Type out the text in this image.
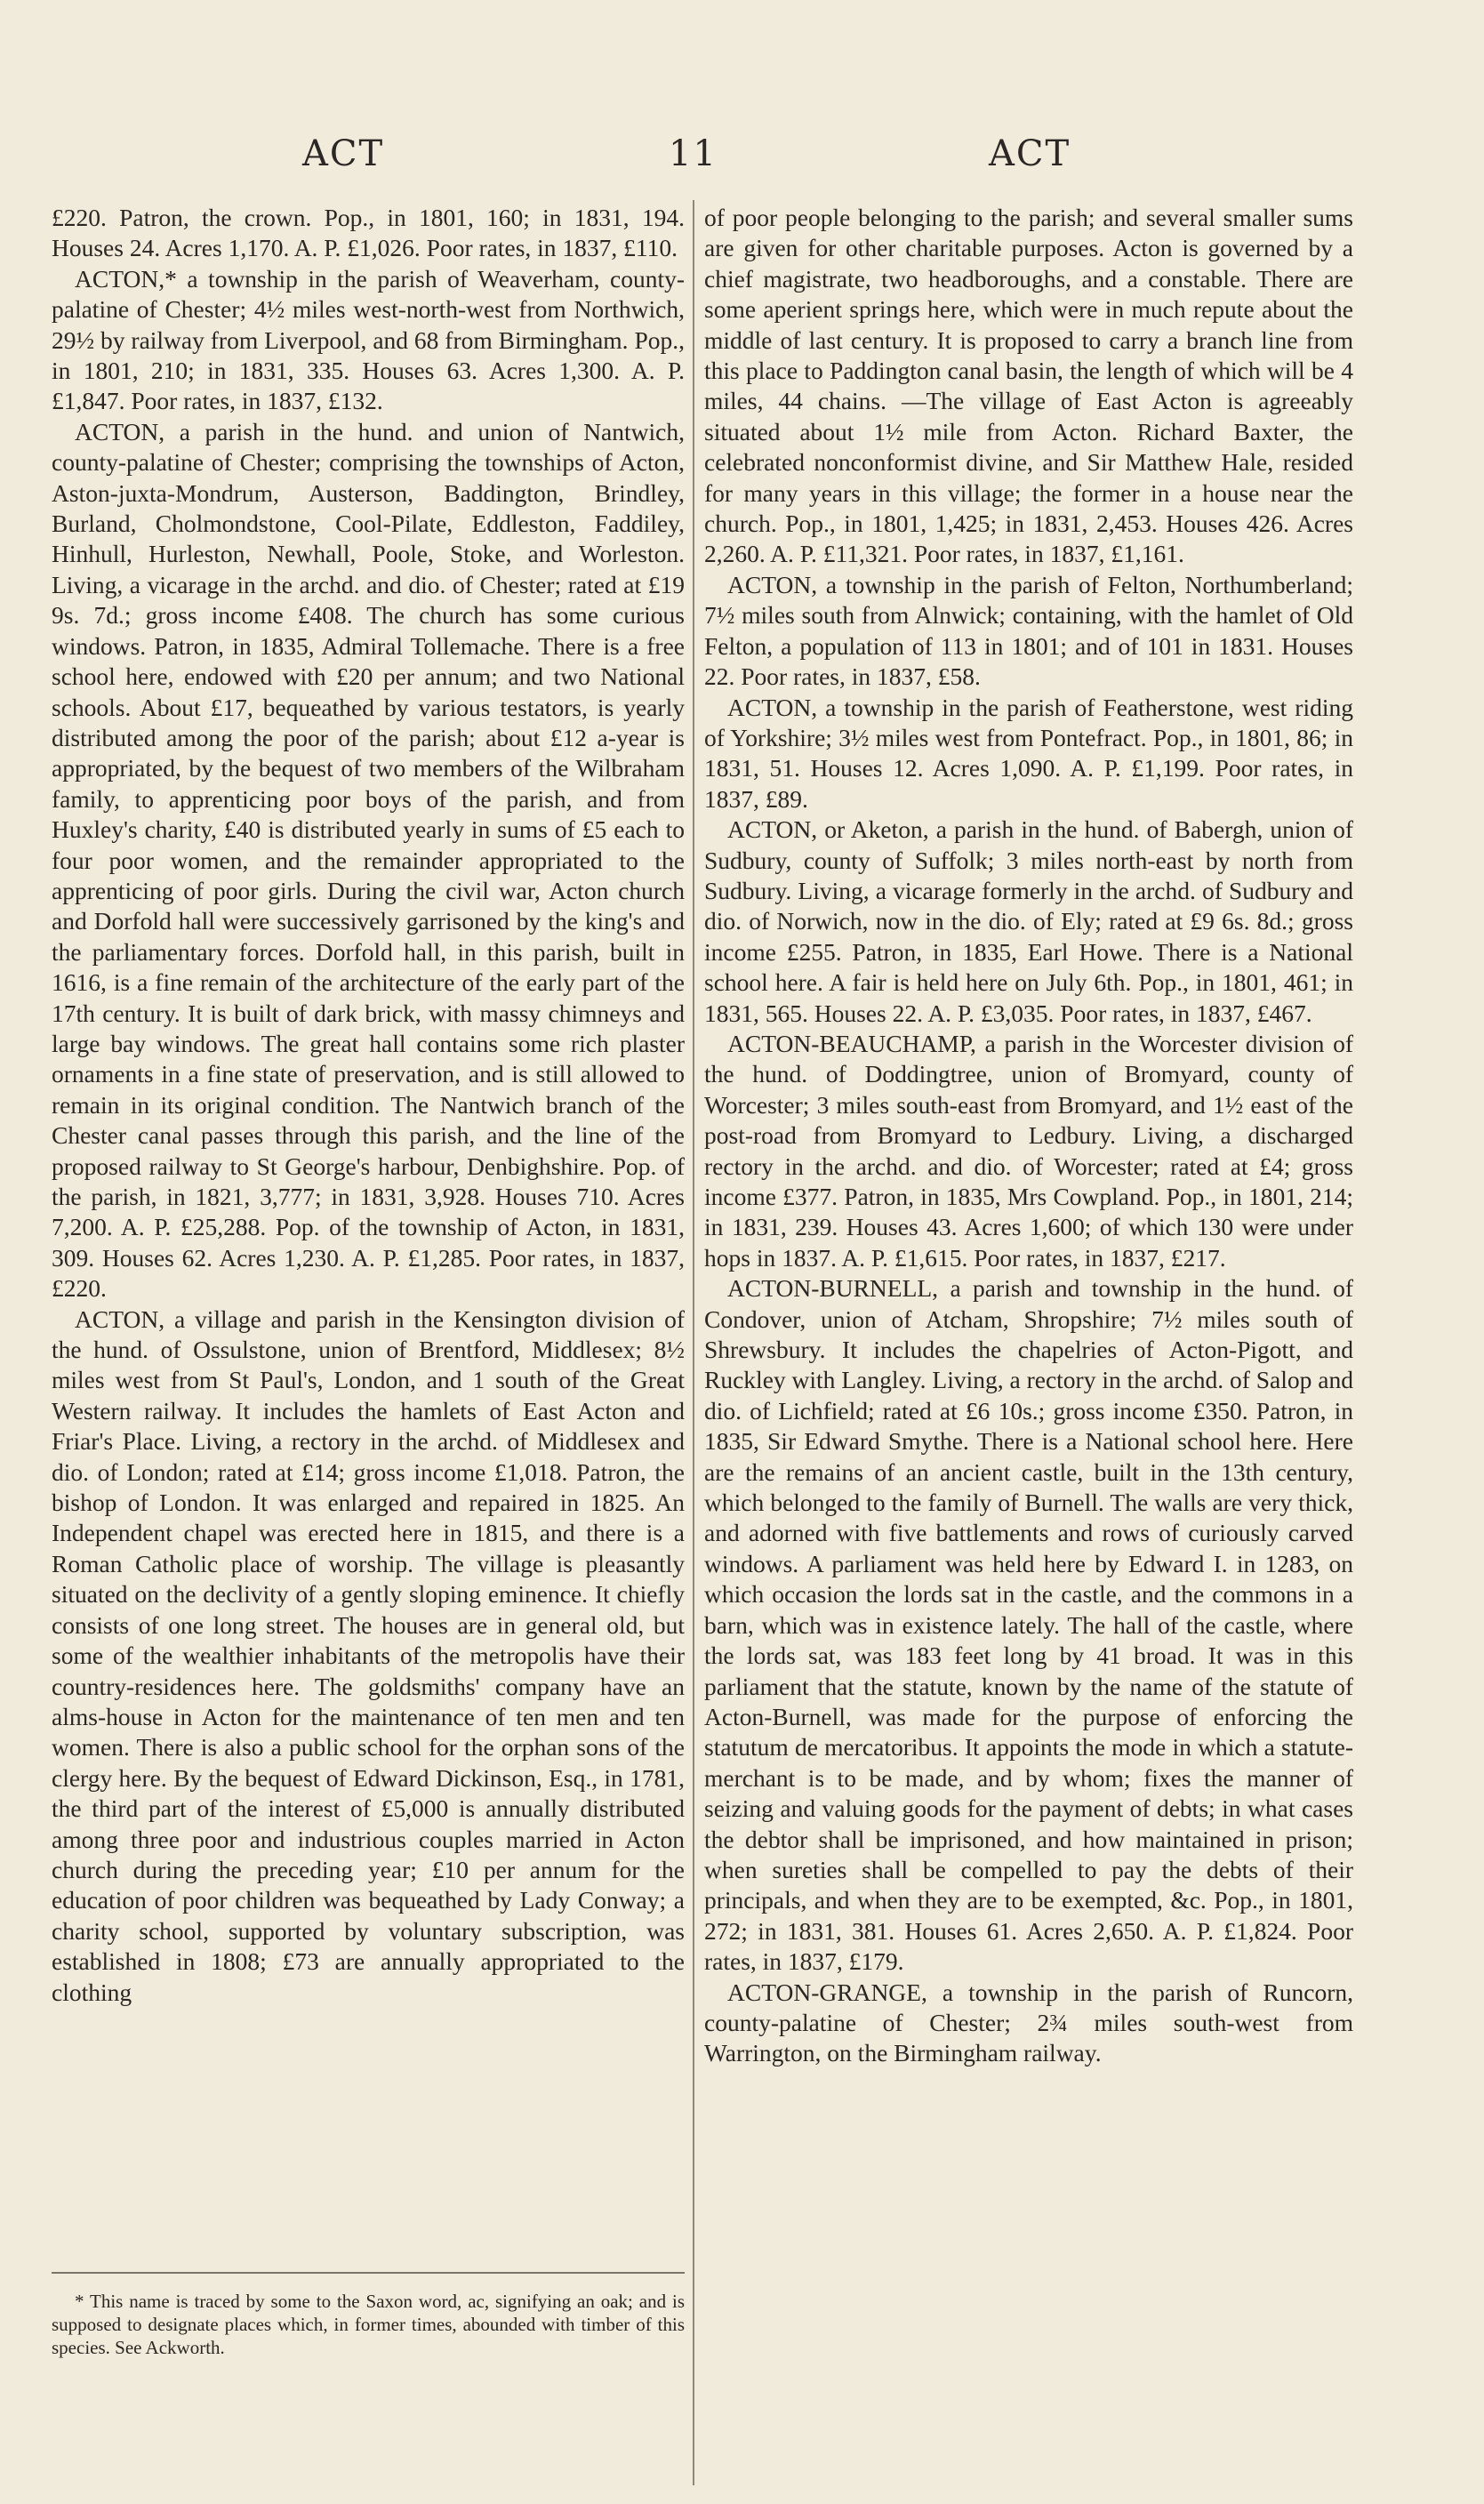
ACT	11	ACT

£220. Patron, the crown. Pop., in 1801, 160; in 1831, 194. Houses 24. Acres 1,170. A. P. £1,026. Poor rates, in 1837, £110.

ACTON,* a township in the parish of Weaverham, county-palatine of Chester; 4½ miles west-north-west from Northwich, 29½ by railway from Liverpool, and 68 from Birmingham. Pop., in 1801, 210; in 1831, 335. Houses 63. Acres 1,300. A. P. £1,847. Poor rates, in 1837, £132.

ACTON, a parish in the hund. and union of Nantwich, county-palatine of Chester; comprising the townships of Acton, Aston-juxta-Mondrum, Austerson, Baddington, Brindley, Burland, Cholmondstone, Cool-Pilate, Eddleston, Faddiley, Hinhull, Hurleston, Newhall, Poole, Stoke, and Worleston. Living, a vicarage in the archd. and dio. of Chester; rated at £19 9s. 7d.; gross income £408. The church has some curious windows. Patron, in 1835, Admiral Tollemache. There is a free school here, endowed with £20 per annum; and two National schools. About £17, bequeathed by various testators, is yearly distributed among the poor of the parish; about £12 a-year is appropriated, by the bequest of two members of the Wilbraham family, to apprenticing poor boys of the parish, and from Huxley's charity, £40 is distributed yearly in sums of £5 each to four poor women, and the remainder appropriated to the apprenticing of poor girls. During the civil war, Acton church and Dorfold hall were successively garrisoned by the king's and the parliamentary forces. Dorfold hall, in this parish, built in 1616, is a fine remain of the architecture of the early part of the 17th century. It is built of dark brick, with massy chimneys and large bay windows. The great hall contains some rich plaster ornaments in a fine state of preservation, and is still allowed to remain in its original condition. The Nantwich branch of the Chester canal passes through this parish, and the line of the proposed railway to St George's harbour, Denbighshire. Pop. of the parish, in 1821, 3,777; in 1831, 3,928. Houses 710. Acres 7,200. A. P. £25,288. Pop. of the township of Acton, in 1831, 309. Houses 62. Acres 1,230. A. P. £1,285. Poor rates, in 1837, £220.

ACTON, a village and parish in the Kensington division of the hund. of Ossulstone, union of Brentford, Middlesex; 8½ miles west from St Paul's, London, and 1 south of the Great Western railway. It includes the hamlets of East Acton and Friar's Place. Living, a rectory in the archd. of Middlesex and dio. of London; rated at £14; gross income £1,018. Patron, the bishop of London. It was enlarged and repaired in 1825. An Independent chapel was erected here in 1815, and there is a Roman Catholic place of worship. The village is pleasantly situated on the declivity of a gently sloping eminence. It chiefly consists of one long street. The houses are in general old, but some of the wealthier inhabitants of the metropolis have their country-residences here. The goldsmiths' company have an alms-house in Acton for the maintenance of ten men and ten women. There is also a public school for the orphan sons of the clergy here. By the bequest of Edward Dickinson, Esq., in 1781, the third part of the interest of £5,000 is annually distributed among three poor and industrious couples married in Acton church during the preceding year; £10 per annum for the education of poor children was bequeathed by Lady Conway; a charity school, supported by voluntary subscription, was established in 1808; £73 are annually appropriated to the clothing

of poor people belonging to the parish; and several smaller sums are given for other charitable purposes. Acton is governed by a chief magistrate, two headboroughs, and a constable. There are some aperient springs here, which were in much repute about the middle of last century. It is proposed to carry a branch line from this place to Paddington canal basin, the length of which will be 4 miles, 44 chains. —The village of East Acton is agreeably situated about 1½ mile from Acton. Richard Baxter, the celebrated nonconformist divine, and Sir Matthew Hale, resided for many years in this village; the former in a house near the church. Pop., in 1801, 1,425; in 1831, 2,453. Houses 426. Acres 2,260. A. P. £11,321. Poor rates, in 1837, £1,161.

ACTON, a township in the parish of Felton, Northumberland; 7½ miles south from Alnwick; containing, with the hamlet of Old Felton, a population of 113 in 1801; and of 101 in 1831. Houses 22. Poor rates, in 1837, £58.

ACTON, a township in the parish of Featherstone, west riding of Yorkshire; 3½ miles west from Pontefract. Pop., in 1801, 86; in 1831, 51. Houses 12. Acres 1,090. A. P. £1,199. Poor rates, in 1837, £89.

ACTON, or Aketon, a parish in the hund. of Babergh, union of Sudbury, county of Suffolk; 3 miles north-east by north from Sudbury. Living, a vicarage formerly in the archd. of Sudbury and dio. of Norwich, now in the dio. of Ely; rated at £9 6s. 8d.; gross income £255. Patron, in 1835, Earl Howe. There is a National school here. A fair is held here on July 6th. Pop., in 1801, 461; in 1831, 565. Houses 22. A. P. £3,035. Poor rates, in 1837, £467.

ACTON-BEAUCHAMP, a parish in the Worcester division of the hund. of Doddingtree, union of Bromyard, county of Worcester; 3 miles south-east from Bromyard, and 1½ east of the post-road from Bromyard to Ledbury. Living, a discharged rectory in the archd. and dio. of Worcester; rated at £4; gross income £377. Patron, in 1835, Mrs Cowpland. Pop., in 1801, 214; in 1831, 239. Houses 43. Acres 1,600; of which 130 were under hops in 1837. A. P. £1,615. Poor rates, in 1837, £217.

ACTON-BURNELL, a parish and township in the hund. of Condover, union of Atcham, Shropshire; 7½ miles south of Shrewsbury. It includes the chapelries of Acton-Pigott, and Ruckley with Langley. Living, a rectory in the archd. of Salop and dio. of Lichfield; rated at £6 10s.; gross income £350. Patron, in 1835, Sir Edward Smythe. There is a National school here. Here are the remains of an ancient castle, built in the 13th century, which belonged to the family of Burnell. The walls are very thick, and adorned with five battlements and rows of curiously carved windows. A parliament was held here by Edward I. in 1283, on which occasion the lords sat in the castle, and the commons in a barn, which was in existence lately. The hall of the castle, where the lords sat, was 183 feet long by 41 broad. It was in this parliament that the statute, known by the name of the statute of Acton-Burnell, was made for the purpose of enforcing the statutum de mercatoribus. It appoints the mode in which a statute-merchant is to be made, and by whom; fixes the manner of seizing and valuing goods for the payment of debts; in what cases the debtor shall be imprisoned, and how maintained in prison; when sureties shall be compelled to pay the debts of their principals, and when they are to be exempted, &c. Pop., in 1801, 272; in 1831, 381. Houses 61. Acres 2,650. A. P. £1,824. Poor rates, in 1837, £179.

ACTON-GRANGE, a township in the parish of Runcorn, county-palatine of Chester; 2¾ miles south-west from Warrington, on the Birmingham railway.

* This name is traced by some to the Saxon word, ac, signifying an oak; and is supposed to designate places which, in former times, abounded with timber of this species. See Ackworth.
